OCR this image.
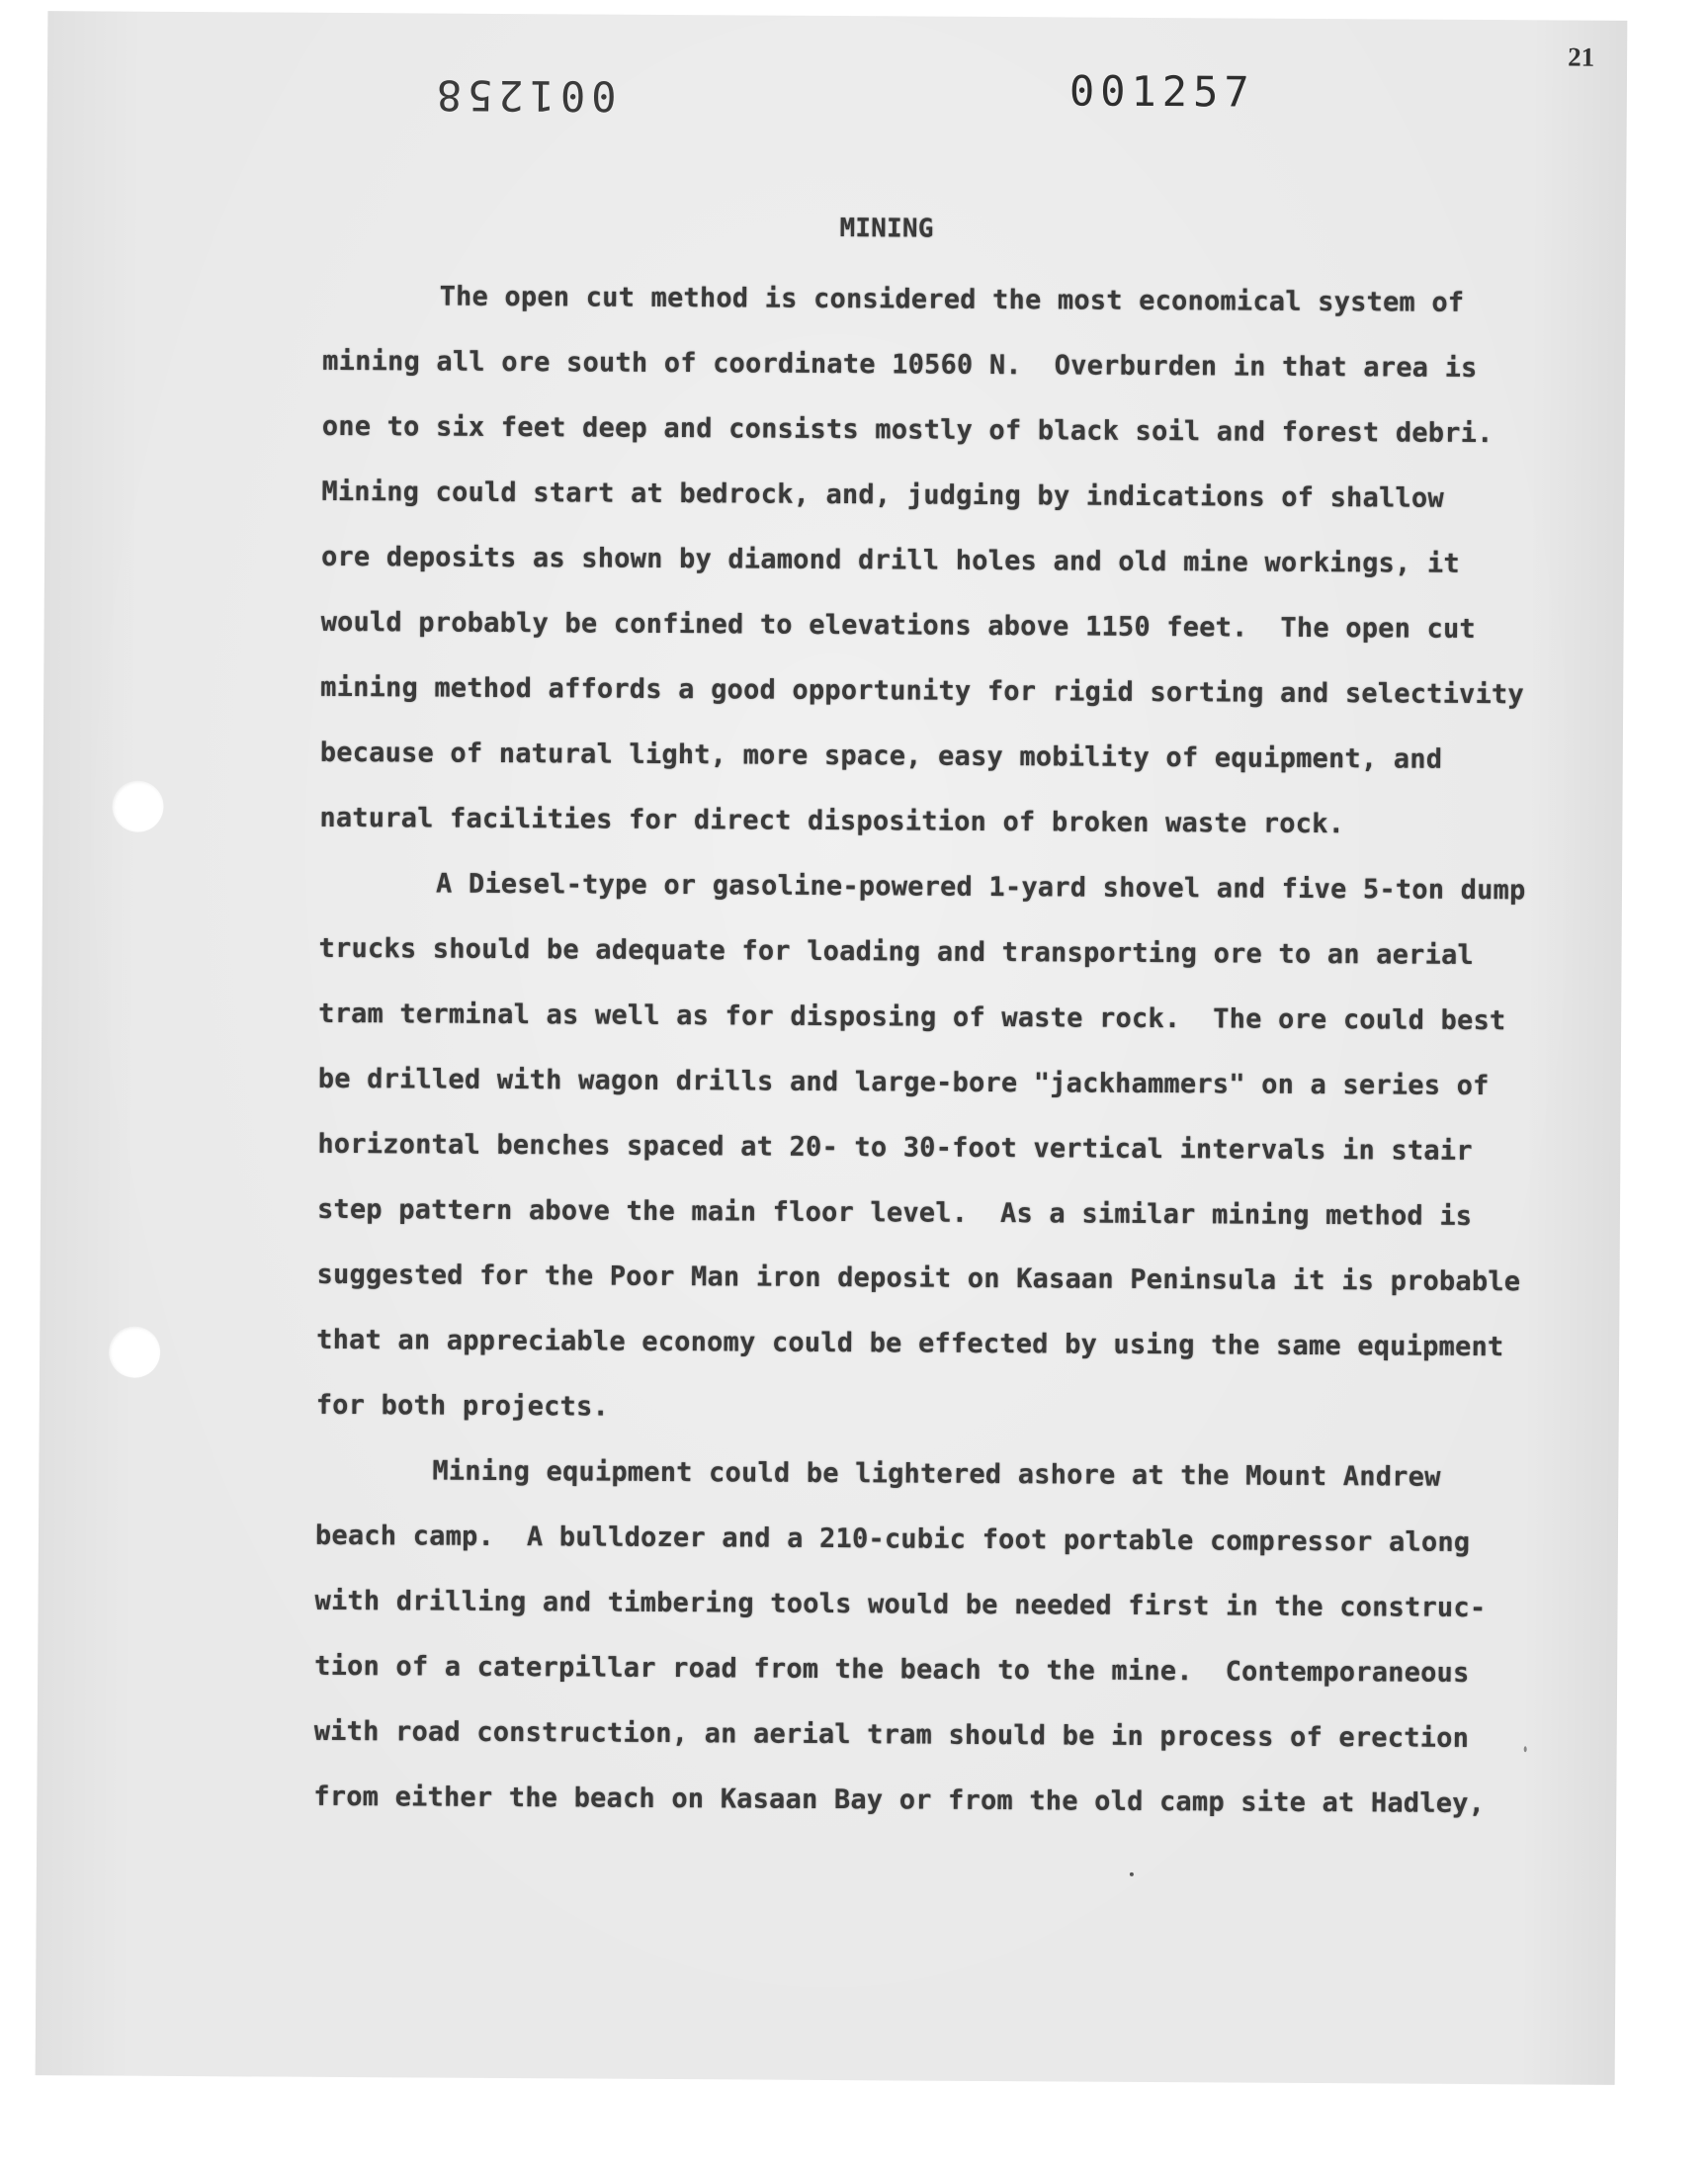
001258	001257
21
MINING
The open cut method is considered the most economical system of
mining all ore south of coordinate 10560 N.  Overburden in that area is
one to six feet deep and consists mostly of black soil and forest debri.
Mining could start at bedrock, and, judging by indications of shallow
ore deposits as shown by diamond drill holes and old mine workings, it
would probably be confined to elevations above 1150 feet.  The open cut
mining method affords a good opportunity for rigid sorting and selectivity
because of natural light, more space, easy mobility of equipment, and
natural facilities for direct disposition of broken waste rock.
A Diesel-type or gasoline-powered 1-yard shovel and five 5-ton dump
trucks should be adequate for loading and transporting ore to an aerial
tram terminal as well as for disposing of waste rock.  The ore could best
be drilled with wagon drills and large-bore "jackhammers" on a series of
horizontal benches spaced at 20- to 30-foot vertical intervals in stair
step pattern above the main floor level.  As a similar mining method is
suggested for the Poor Man iron deposit on Kasaan Peninsula it is probable
that an appreciable economy could be effected by using the same equipment
for both projects.
Mining equipment could be lightered ashore at the Mount Andrew
beach camp.  A bulldozer and a 210-cubic foot portable compressor along
with drilling and timbering tools would be needed first in the construc-
tion of a caterpillar road from the beach to the mine.  Contemporaneous
with road construction, an aerial tram should be in process of erection
from either the beach on Kasaan Bay or from the old camp site at Hadley,
